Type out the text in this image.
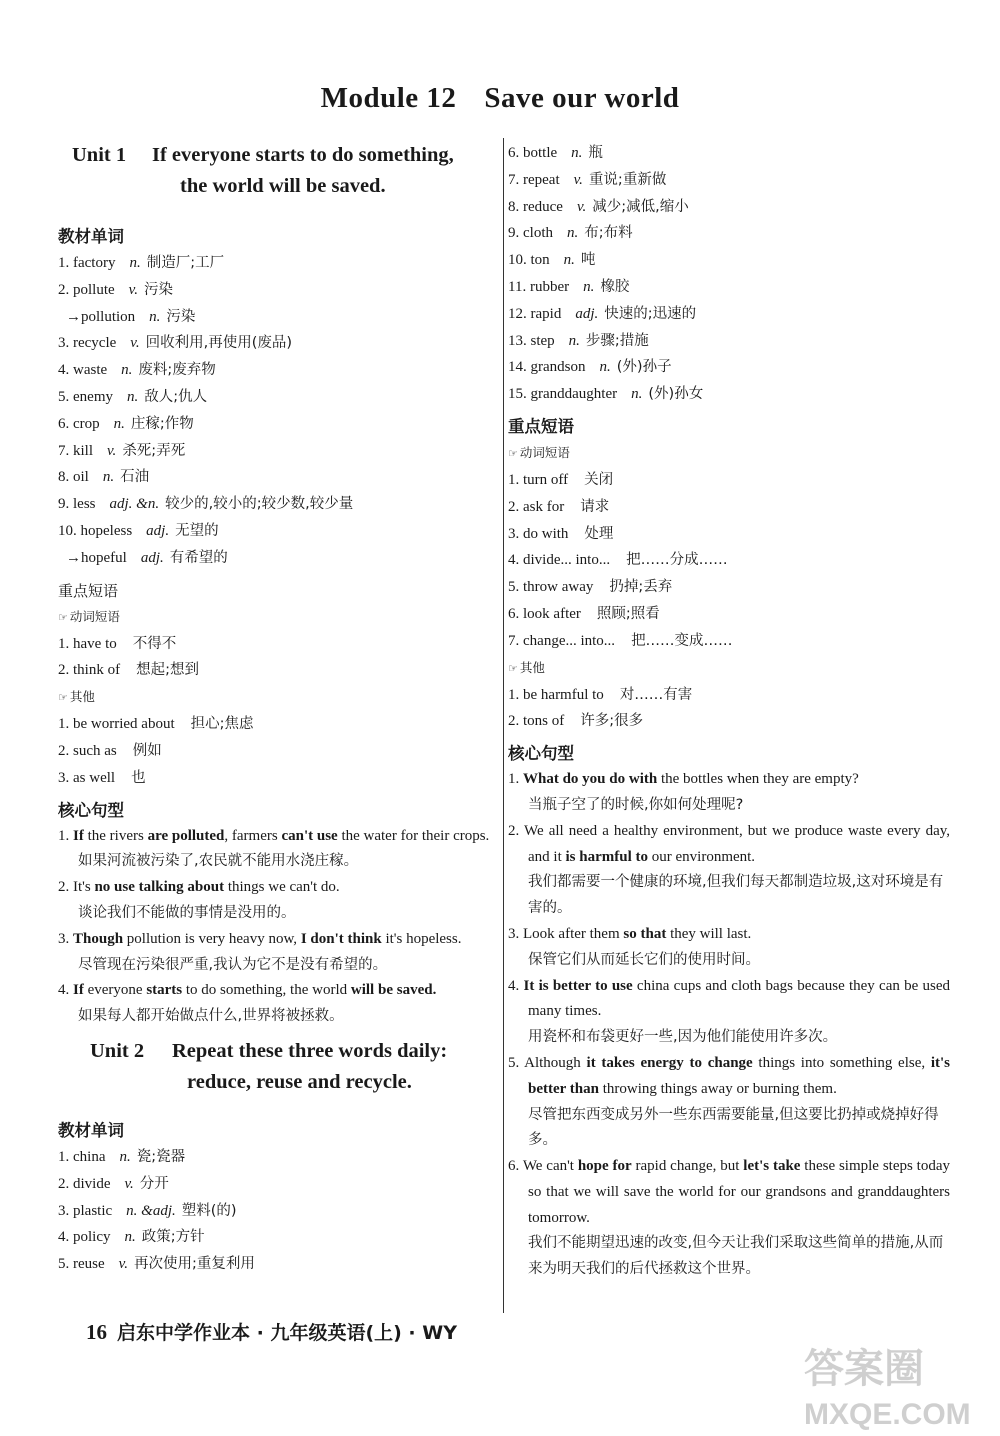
Module 12 Save our world
Unit 1 If everyone starts to do something,
the world will be saved.
教材单词
1. factory n. 制造厂;工厂
2. pollute v. 污染
→pollution n. 污染
3. recycle v. 回收利用,再使用(废品)
4. waste n. 废料;废弃物
5. enemy n. 敌人;仇人
6. crop n. 庄稼;作物
7. kill v. 杀死;弄死
8. oil n. 石油
9. less adj. &n. 较少的,较小的;较少数,较少量
10. hopeless adj. 无望的
→hopeful adj. 有希望的
重点短语
☞ 动词短语
1. have to 不得不
2. think of 想起;想到
☞ 其他
1. be worried about 担心;焦虑
2. such as 例如
3. as well 也
核心句型
1. If the rivers are polluted, farmers can't use the water for their crops.
如果河流被污染了,农民就不能用水浇庄稼。
2. It's no use talking about things we can't do.
谈论我们不能做的事情是没用的。
3. Though pollution is very heavy now, I don't think it's hopeless.
尽管现在污染很严重,我认为它不是没有希望的。
4. If everyone starts to do something, the world will be saved.
如果每人都开始做点什么,世界将被拯救。
Unit 2 Repeat these three words daily:
reduce, reuse and recycle.
教材单词
1. china n. 瓷;瓷器
2. divide v. 分开
3. plastic n. &adj. 塑料(的)
4. policy n. 政策;方针
5. reuse v. 再次使用;重复利用
6. bottle n. 瓶
7. repeat v. 重说;重新做
8. reduce v. 减少;减低,缩小
9. cloth n. 布;布料
10. ton n. 吨
11. rubber n. 橡胶
12. rapid adj. 快速的;迅速的
13. step n. 步骤;措施
14. grandson n. (外)孙子
15. granddaughter n. (外)孙女
重点短语
☞ 动词短语
1. turn off 关闭
2. ask for 请求
3. do with 处理
4. divide... into... 把……分成……
5. throw away 扔掉;丢弃
6. look after 照顾;照看
7. change... into... 把……变成……
☞ 其他
1. be harmful to 对……有害
2. tons of 许多;很多
核心句型
1. What do you do with the bottles when they are empty?
当瓶子空了的时候,你如何处理呢?
2. We all need a healthy environment, but we produce waste every day, and it is harmful to our environment.
我们都需要一个健康的环境,但我们每天都制造垃圾,这对环境是有害的。
3. Look after them so that they will last.
保管它们从而延长它们的使用时间。
4. It is better to use china cups and cloth bags because they can be used many times.
用瓷杯和布袋更好一些,因为他们能使用许多次。
5. Although it takes energy to change things into something else, it's better than throwing things away or burning them.
尽管把东西变成另外一些东西需要能量,但这要比扔掉或烧掉好得多。
6. We can't hope for rapid change, but let's take these simple steps today so that we will save the world for our grandsons and granddaughters tomorrow.
我们不能期望迅速的改变,但今天让我们采取这些简单的措施,从而来为明天我们的后代拯救这个世界。
16 启东中学作业本 · 九年级英语(上) · WY
答案圈
MXQE.COM
